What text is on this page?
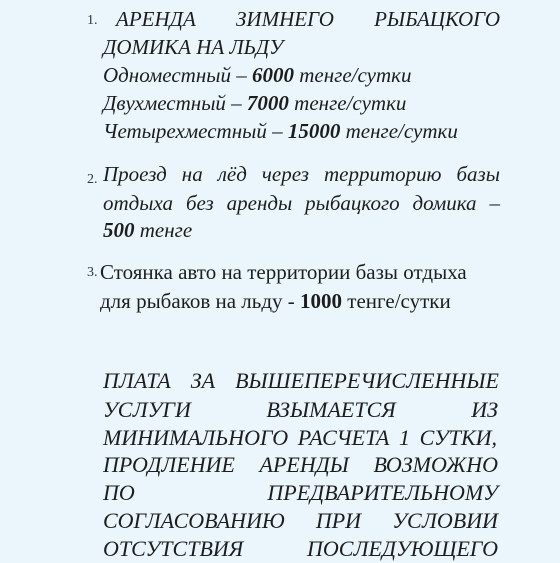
1. АРЕНДА ЗИМНЕГО РЫБАЦКОГО
ДОМИКА НА ЛЬДУ
Одноместный – 6000 тенге/сутки
Двухместный – 7000 тенге/сутки
Четырехместный – 15000 тенге/сутки
2. Проезд на лёд через территорию базы
отдыха без аренды рыбацкого домика –
500 тенге
3. Стоянка авто на территории базы отдыха
для рыбаков на льду - 1000 тенге/сутки
ПЛАТА ЗА ВЫШЕПЕРЕЧИСЛЕННЫЕ
УСЛУГИ	ВЗЫМАЕТСЯ	ИЗ
МИНИМАЛЬНОГО РАСЧЕТА 1 СУТКИ,
ПРОДЛЕНИЕ АРЕНДЫ ВОЗМОЖНО
ПО	ПРЕДВАРИТЕЛЬНОМУ
СОГЛАСОВАНИЮ ПРИ УСЛОВИИ
ОТСУТСТВИЯ	ПОСЛЕДУЮЩЕГО
